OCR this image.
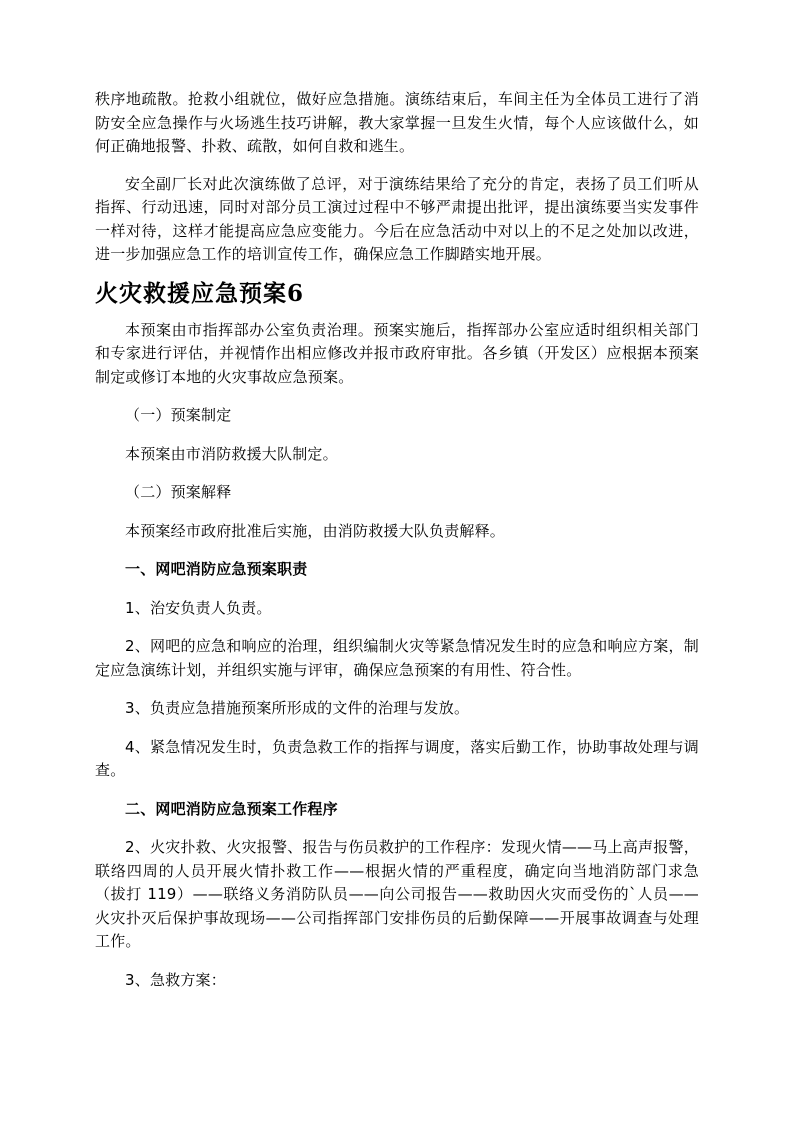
秩序地疏散。抢救小组就位，做好应急措施。演练结束后，车间主任为全体员工进行了消防安全应急操作与火场逃生技巧讲解，教大家掌握一旦发生火情，每个人应该做什么，如何正确地报警、扑救、疏散，如何自救和逃生。

安全副厂长对此次演练做了总评，对于演练结果给了充分的肯定，表扬了员工们听从指挥、行动迅速，同时对部分员工演过过程中不够严肃提出批评，提出演练要当实发事件一样对待，这样才能提高应急应变能力。今后在应急活动中对以上的不足之处加以改进，进一步加强应急工作的培训宣传工作，确保应急工作脚踏实地开展。

火灾救援应急预案6

本预案由市指挥部办公室负责治理。预案实施后，指挥部办公室应适时组织相关部门和专家进行评估，并视情作出相应修改并报市政府审批。各乡镇（开发区）应根据本预案制定或修订本地的火灾事故应急预案。

（一）预案制定

本预案由市消防救援大队制定。

（二）预案解释

本预案经市政府批准后实施，由消防救援大队负责解释。

一、网吧消防应急预案职责

1、治安负责人负责。

2、网吧的应急和响应的治理，组织编制火灾等紧急情况发生时的应急和响应方案，制定应急演练计划，并组织实施与评审，确保应急预案的有用性、符合性。

3、负责应急措施预案所形成的文件的治理与发放。

4、紧急情况发生时，负责急救工作的指挥与调度，落实后勤工作，协助事故处理与调查。

二、网吧消防应急预案工作程序

2、火灾扑救、火灾报警、报告与伤员救护的工作程序：发现火情——马上高声报警，联络四周的人员开展火情扑救工作——根据火情的严重程度，确定向当地消防部门求急（拔打 119）——联络义务消防队员——向公司报告——救助因火灾而受伤的`人员——火灾扑灭后保护事故现场——公司指挥部门安排伤员的后勤保障——开展事故调查与处理工作。

3、急救方案：
